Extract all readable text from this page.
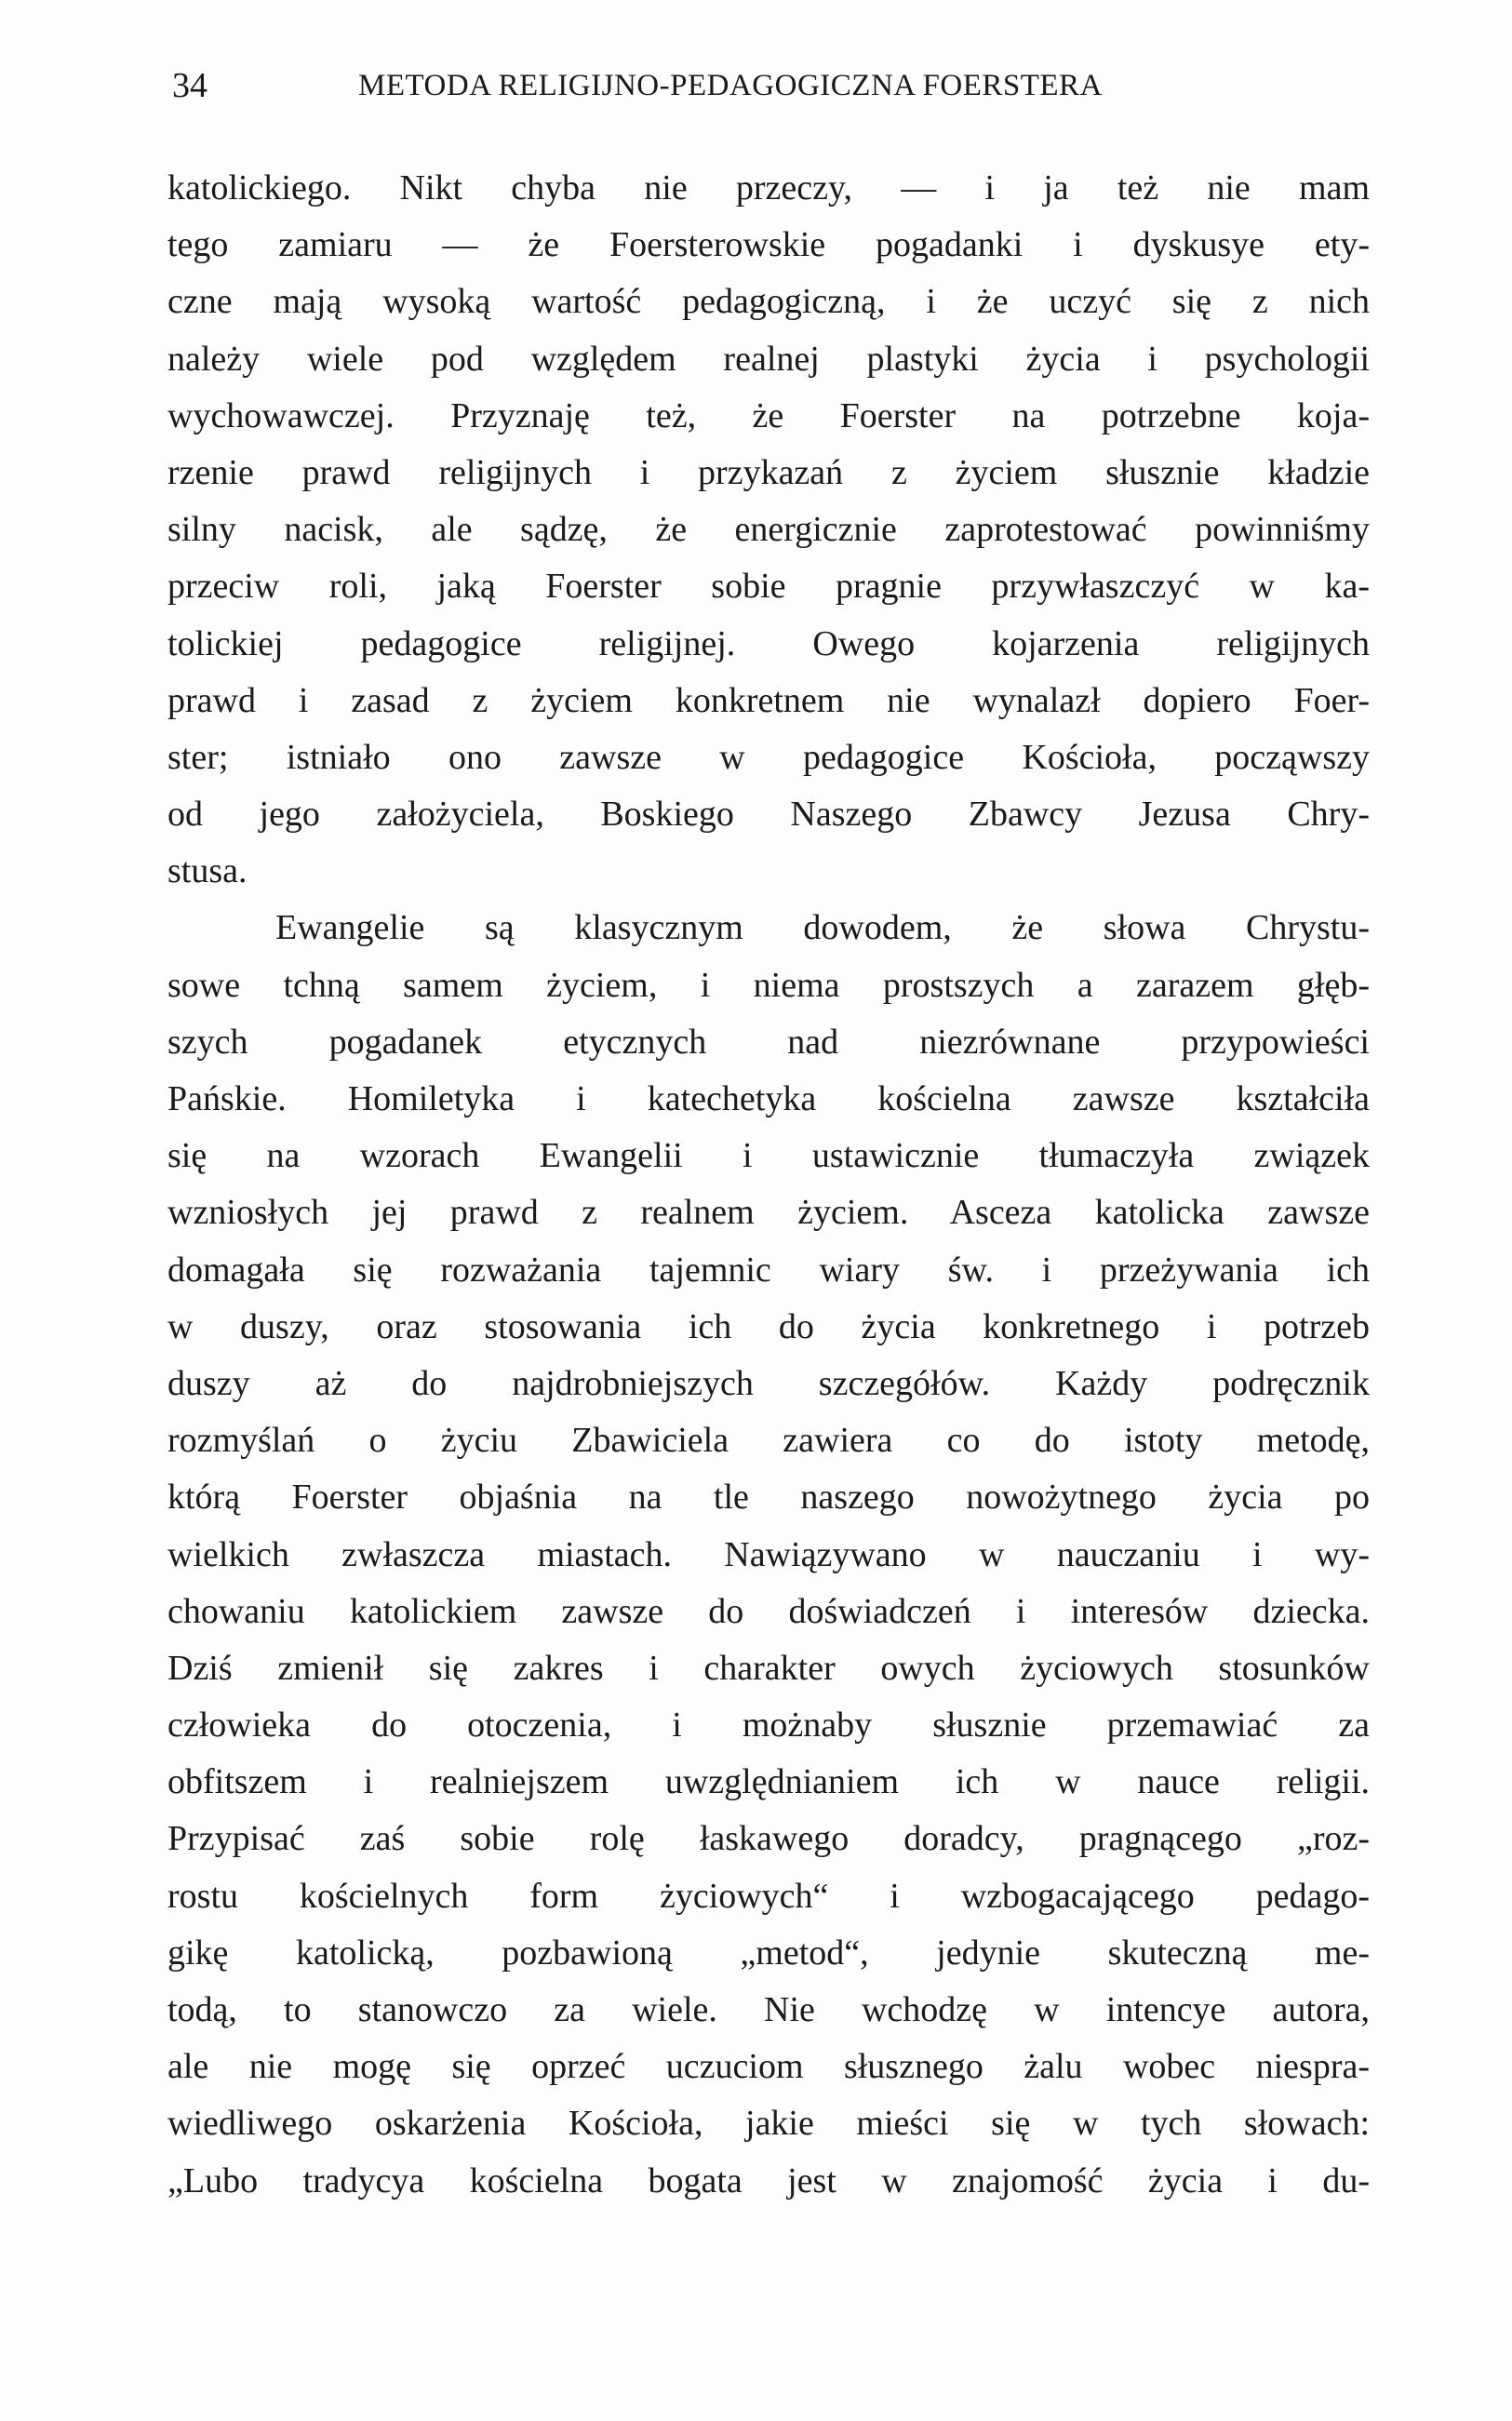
34	METODA RELIGIJNO-PEDAGOGICZNA FOERSTERA
katolickiego. Nikt chyba nie przeczy, — i ja też nie mam
tego zamiaru — że Foersterowskie pogadanki i dyskusye ety-
czne mają wysoką wartość pedagogiczną, i że uczyć się z nich
należy wiele pod względem realnej plastyki życia i psychologii
wychowawczej. Przyznaję też, że Foerster na potrzebne koja-
rzenie prawd religijnych i przykazań z życiem słusznie kładzie
silny nacisk, ale sądzę, że energicznie zaprotestować powinniśmy
przeciw roli, jaką Foerster sobie pragnie przywłaszczyć w ka-
tolickiej pedagogice religijnej. Owego kojarzenia religijnych
prawd i zasad z życiem konkretnem nie wynalazł dopiero Foer-
ster; istniało ono zawsze w pedagogice Kościoła, począwszy
od jego założyciela, Boskiego Naszego Zbawcy Jezusa Chry-
stusa.
Ewangelie są klasycznym dowodem, że słowa Chrystu-
sowe tchną samem życiem, i niema prostszych a zarazem głęb-
szych pogadanek etycznych nad niezrównane przypowieści
Pańskie. Homiletyka i katechetyka kościelna zawsze kształciła
się na wzorach Ewangelii i ustawicznie tłumaczyła związek
wzniosłych jej prawd z realnem życiem. Asceza katolicka zawsze
domagała się rozważania tajemnic wiary św. i przeżywania ich
w duszy, oraz stosowania ich do życia konkretnego i potrzeb
duszy aż do najdrobniejszych szczegółów. Każdy podręcznik
rozmyślań o życiu Zbawiciela zawiera co do istoty metodę,
którą Foerster objaśnia na tle naszego nowożytnego życia po
wielkich zwłaszcza miastach. Nawiązywano w nauczaniu i wy-
chowaniu katolickiem zawsze do doświadczeń i interesów dziecka.
Dziś zmienił się zakres i charakter owych życiowych stosunków
człowieka do otoczenia, i możnaby słusznie przemawiać za
obfitszem i realniejszem uwzględnianiem ich w nauce religii.
Przypisać zaś sobie rolę łaskawego doradcy, pragnącego „roz-
rostu kościelnych form życiowych“ i wzbogacającego pedago-
gikę katolicką, pozbawioną „metod“, jedynie skuteczną me-
todą, to stanowczo za wiele. Nie wchodzę w intencye autora,
ale nie mogę się oprzeć uczuciom słusznego żalu wobec niespra-
wiedliwego oskarżenia Kościoła, jakie mieści się w tych słowach:
„Lubo tradycya kościelna bogata jest w znajomość życia i du-
